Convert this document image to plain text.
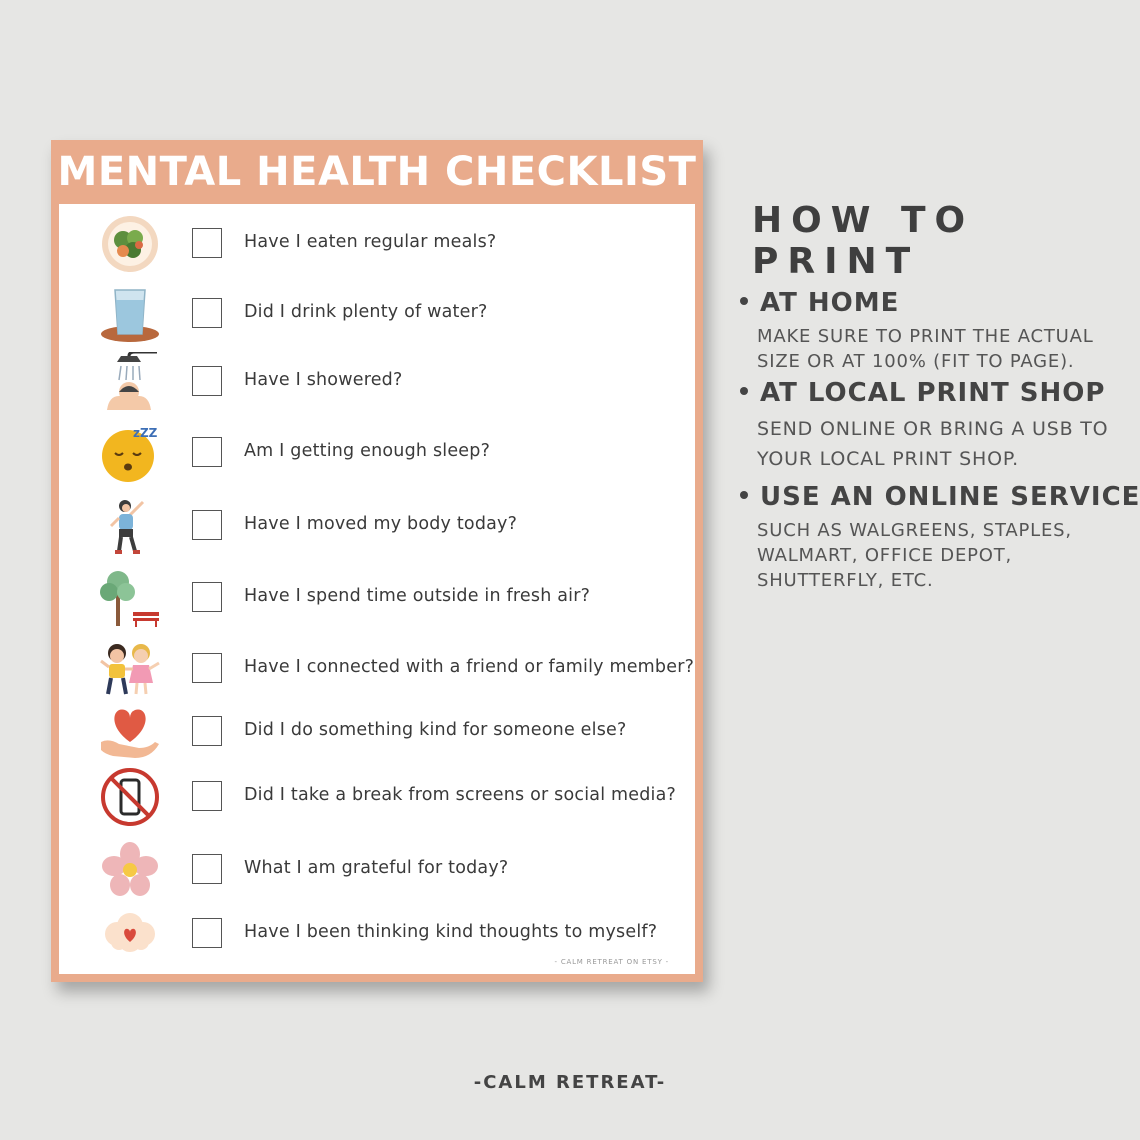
MENTAL HEALTH CHECKLIST
Have I eaten regular meals?
Did I drink plenty of water?
Have I showered?
zZZ
Am I getting enough sleep?
Have I moved my body today?
Have I spend time outside in fresh air?
Have I connected with a friend or family member?
Did I do something kind for someone else?
Did I take a break from screens or social media?
What I am grateful for today?
Have I been thinking kind thoughts to myself?
- CALM RETREAT ON ETSY -
HOW TO PRINT
AT HOME
MAKE SURE TO PRINT THE ACTUAL
SIZE OR AT 100% (FIT TO PAGE).
AT LOCAL PRINT SHOP
SEND ONLINE OR BRING A USB TO
YOUR LOCAL PRINT SHOP.
USE AN ONLINE SERVICE
SUCH AS WALGREENS, STAPLES,
WALMART, OFFICE DEPOT,
SHUTTERFLY, ETC.
-CALM RETREAT-
